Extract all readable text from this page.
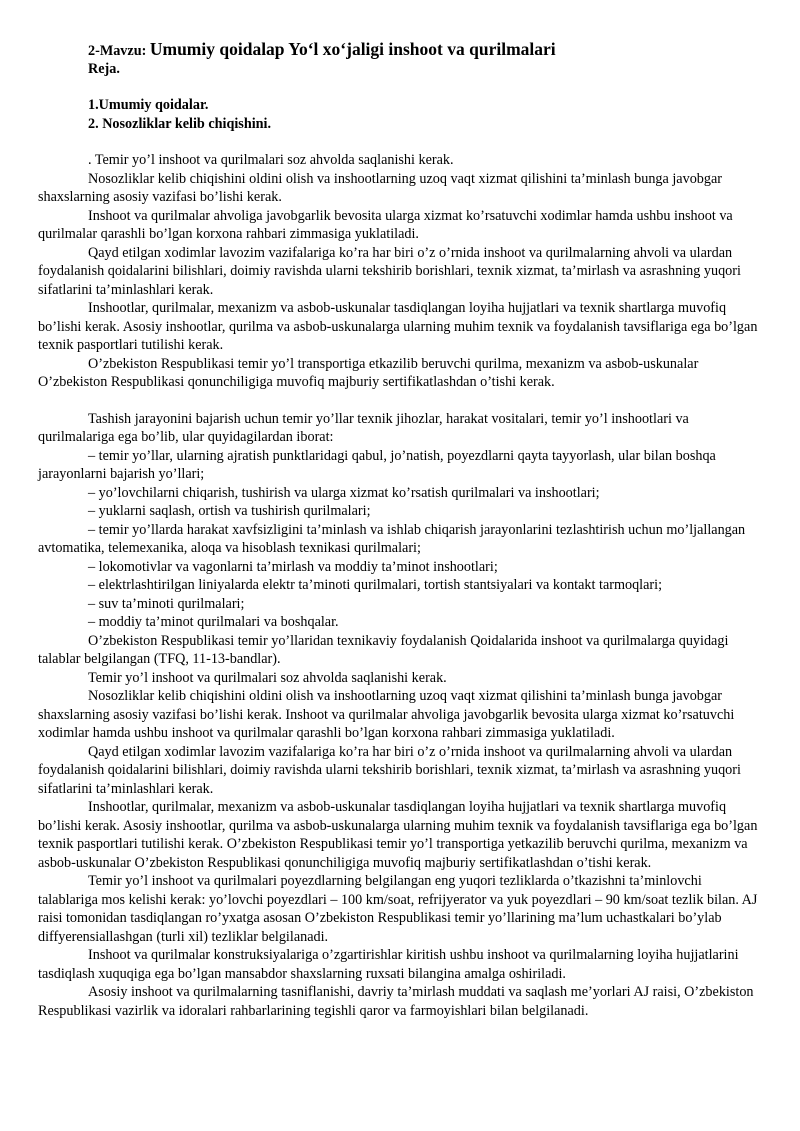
2-Mavzu: Umumiy qoidalap Yo‘l xo‘jaligi inshoot va qurilmalari
Reja.
1.Umumiy qoidalar.
2. Nosozliklar kelib chiqishini.

. Temir yo’l inshoot va qurilmalari soz ahvolda saqlanishi kerak.

Nosozliklar kelib chiqishini oldini olish va inshootlarning uzoq vaqt xizmat qilishini ta’minlash bunga javobgar shaxslarning asosiy vazifasi bo’lishi kerak.

Inshoot va qurilmalar ahvoliga javobgarlik bevosita ularga xizmat ko’rsatuvchi xodimlar hamda ushbu inshoot va qurilmalar qarashli bo’lgan korxona rahbari zimmasiga yuklatiladi.

Qayd etilgan xodimlar lavozim vazifalariga ko’ra har biri o’z o’rnida inshoot va qurilmalarning ahvoli va ulardan foydalanish qoidalarini bilishlari, doimiy ravishda ularni tekshirib borishlari, texnik xizmat, ta’mirlash va asrashning yuqori sifatlarini ta’minlashlari kerak.

Inshootlar, qurilmalar, mexanizm va asbob-uskunalar tasdiqlangan loyiha hujjatlari va texnik shartlarga muvofiq bo’lishi kerak. Asosiy inshootlar, qurilma va asbob-uskunalarga ularning muhim texnik va foydalanish tavsiflariga ega bo’lgan texnik pasportlari tutilishi kerak.

O’zbekiston Respublikasi temir yo’l transportiga etkazilib beruvchi qurilma, mexanizm va asbob-uskunalar O’zbekiston Respublikasi qonunchiligiga muvofiq majburiy sertifikatlashdan o’tishi kerak.

Tashish jarayonini bajarish uchun temir yo’llar texnik jihozlar, harakat vositalari, temir yo’l inshootlari va qurilmalariga ega bo’lib, ular quyidagilardan iborat:

– temir yo’llar, ularning ajratish punktlaridagi qabul, jo’natish, poyezdlarni qayta tayyorlash, ular bilan boshqa jarayonlarni bajarish yo’llari;

– yo’lovchilarni chiqarish, tushirish va ularga xizmat ko’rsatish qurilmalari va inshootlari;

– yuklarni saqlash, ortish va tushirish qurilmalari;

– temir yo’llarda harakat xavfsizligini ta’minlash va ishlab chiqarish jarayonlarini tezlashtirish uchun mo’ljallangan avtomatika, telemexanika, aloqa va hisoblash texnikasi qurilmalari;

– lokomotivlar va vagonlarni ta’mirlash va moddiy ta’minot inshootlari;

– elektrlashtirilgan liniyalarda elektr ta’minoti qurilmalari, tortish stantsiyalari va kontakt tarmoqlari;

– suv ta’minoti qurilmalari;

– moddiy ta’minot qurilmalari va boshqalar.

O’zbekiston Respublikasi temir yo’llaridan texnikaviy foydalanish Qoidalarida inshoot va qurilmalarga quyidagi talablar belgilangan (TFQ, 11-13-bandlar).

Temir yo’l inshoot va qurilmalari soz ahvolda saqlanishi kerak.

Nosozliklar kelib chiqishini oldini olish va inshootlarning uzoq vaqt xizmat qilishini ta’minlash bunga javobgar shaxslarning asosiy vazifasi bo’lishi kerak. Inshoot va qurilmalar ahvoliga javobgarlik bevosita ularga xizmat ko’rsatuvchi xodimlar hamda ushbu inshoot va qurilmalar qarashli bo’lgan korxona rahbari zimmasiga yuklatiladi.

Qayd etilgan xodimlar lavozim vazifalariga ko’ra har biri o’z o’rnida inshoot va qurilmalarning ahvoli va ulardan foydalanish qoidalarini bilishlari, doimiy ravishda ularni tekshirib borishlari, texnik xizmat, ta’mirlash va asrashning yuqori sifatlarini ta’minlashlari kerak.

Inshootlar, qurilmalar, mexanizm va asbob-uskunalar tasdiqlangan loyiha hujjatlari va texnik shartlarga muvofiq bo’lishi kerak. Asosiy inshootlar, qurilma va asbob-uskunalarga ularning muhim texnik va foydalanish tavsiflariga ega bo’lgan texnik pasportlari tutilishi kerak. O’zbekiston Respublikasi temir yo’l transportiga yetkazilib beruvchi qurilma, mexanizm va asbob-uskunalar O’zbekiston Respublikasi qonunchiligiga muvofiq majburiy sertifikatlashdan o’tishi kerak.

Temir yo’l inshoot va qurilmalari poyezdlarning belgilangan eng yuqori tezliklarda o’tkazishni ta’minlovchi talablariga mos kelishi kerak: yo’lovchi poyezdlari – 100 km/soat, refrijyerator va yuk poyezdlari – 90 km/soat tezlik bilan. AJ raisi tomonidan tasdiqlangan ro’yxatga asosan O’zbekiston Respublikasi temir yo’llarining ma’lum uchastkalari bo’ylab diffyerensiallashgan (turli xil) tezliklar belgilanadi.

Inshoot va qurilmalar konstruksiyalariga o’zgartirishlar kiritish ushbu inshoot va qurilmalarning loyiha hujjatlarini tasdiqlash xuquqiga ega bo’lgan mansabdor shaxslarning ruxsati bilangina amalga oshiriladi.

Asosiy inshoot va qurilmalarning tasniflanishi, davriy ta’mirlash muddati va saqlash me’yorlari AJ raisi, O’zbekiston Respublikasi vazirlik va idoralari rahbarlarining tegishli qaror va farmoyishlari bilan belgilanadi.
